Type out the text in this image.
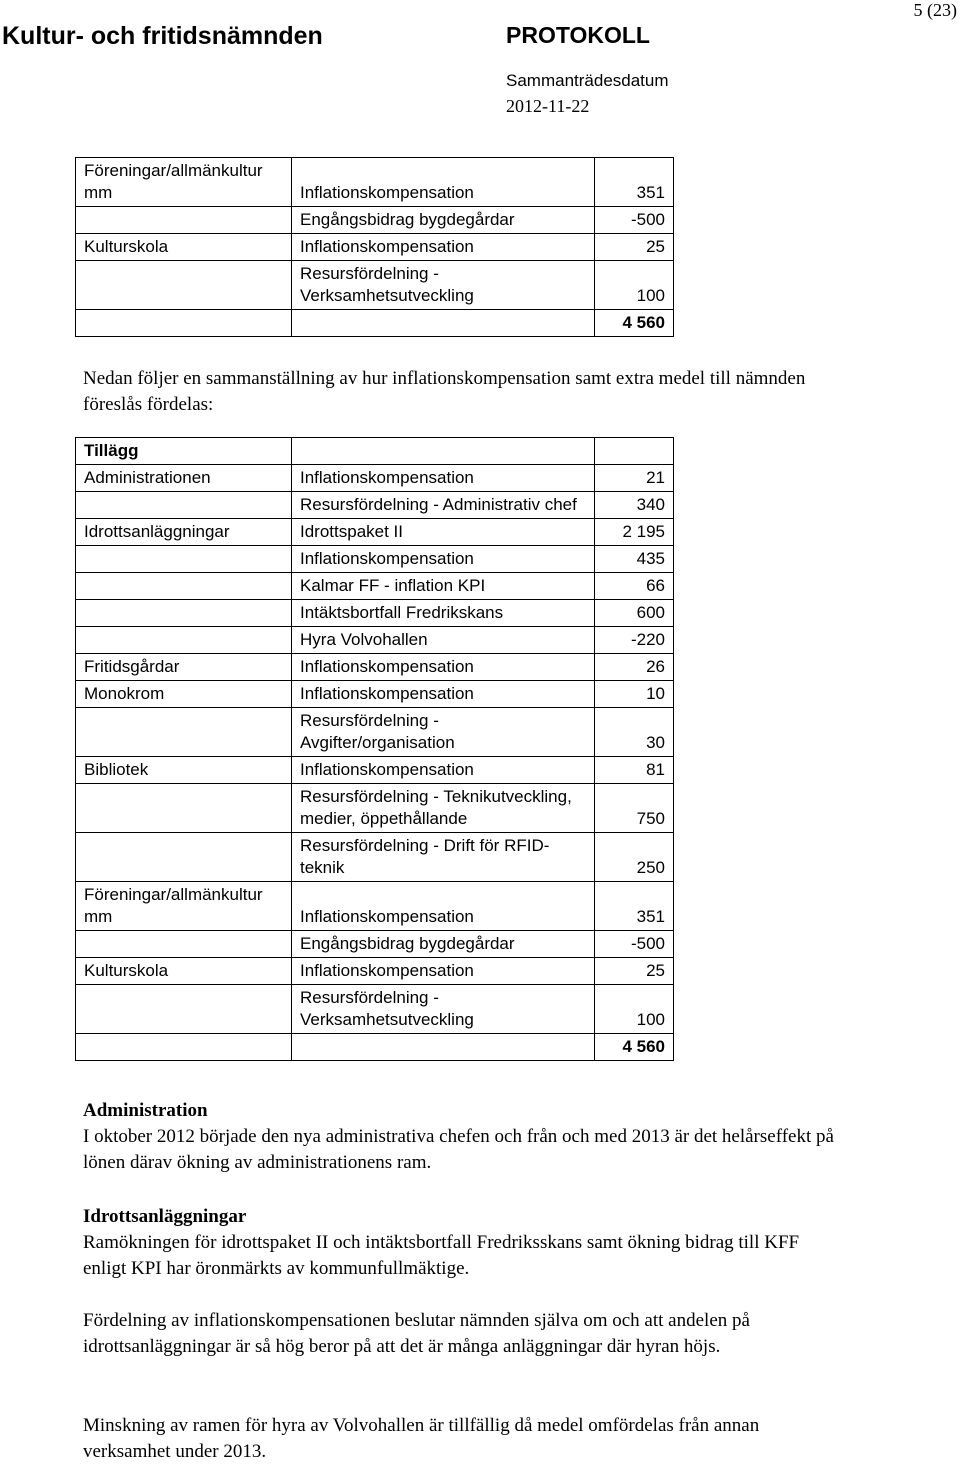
Kultur- och fritidsnämnden	PROTOKOLL
5 (23)
Sammanträdesdatum
2012-11-22
Föreningar/allmänkultur mm	Inflationskompensation	351
	Engångsbidrag bygdegårdar	-500
Kulturskola	Inflationskompensation	25
	Resursfördelning - Verksamhetsutveckling	100
		4 560

Nedan följer en sammanställning av hur inflationskompensation samt extra medel till nämnden föreslås fördelas:

Tillägg		
Administrationen	Inflationskompensation	21
	Resursfördelning - Administrativ chef	340
Idrottsanläggningar	Idrottspaket II	2 195
	Inflationskompensation	435
	Kalmar FF - inflation KPI	66
	Intäktsbortfall Fredrikskans	600
	Hyra Volvohallen	-220
Fritidsgårdar	Inflationskompensation	26
Monokrom	Inflationskompensation	10
	Resursfördelning - Avgifter/organisation	30
Bibliotek	Inflationskompensation	81
	Resursfördelning - Teknikutveckling, medier, öppethållande	750
	Resursfördelning - Drift för RFID-teknik	250
Föreningar/allmänkultur mm	Inflationskompensation	351
	Engångsbidrag bygdegårdar	-500
Kulturskola	Inflationskompensation	25
	Resursfördelning - Verksamhetsutveckling	100
		4 560
Administration

I oktober 2012 började den nya administrativa chefen och från och med 2013 är det helårseffekt på lönen därav ökning av administrationens ram.

Idrottsanläggningar

Ramökningen för idrottspaket II och intäktsbortfall Fredriksskans samt ökning bidrag till KFF enligt KPI har öronmärkts av kommunfullmäktige.

Fördelning av inflationskompensationen beslutar nämnden själva om och att andelen på idrottsanläggningar är så hög beror på att det är många anläggningar där hyran höjs.

Minskning av ramen för hyra av Volvohallen är tillfällig då medel omfördelas från annan verksamhet under 2013.
